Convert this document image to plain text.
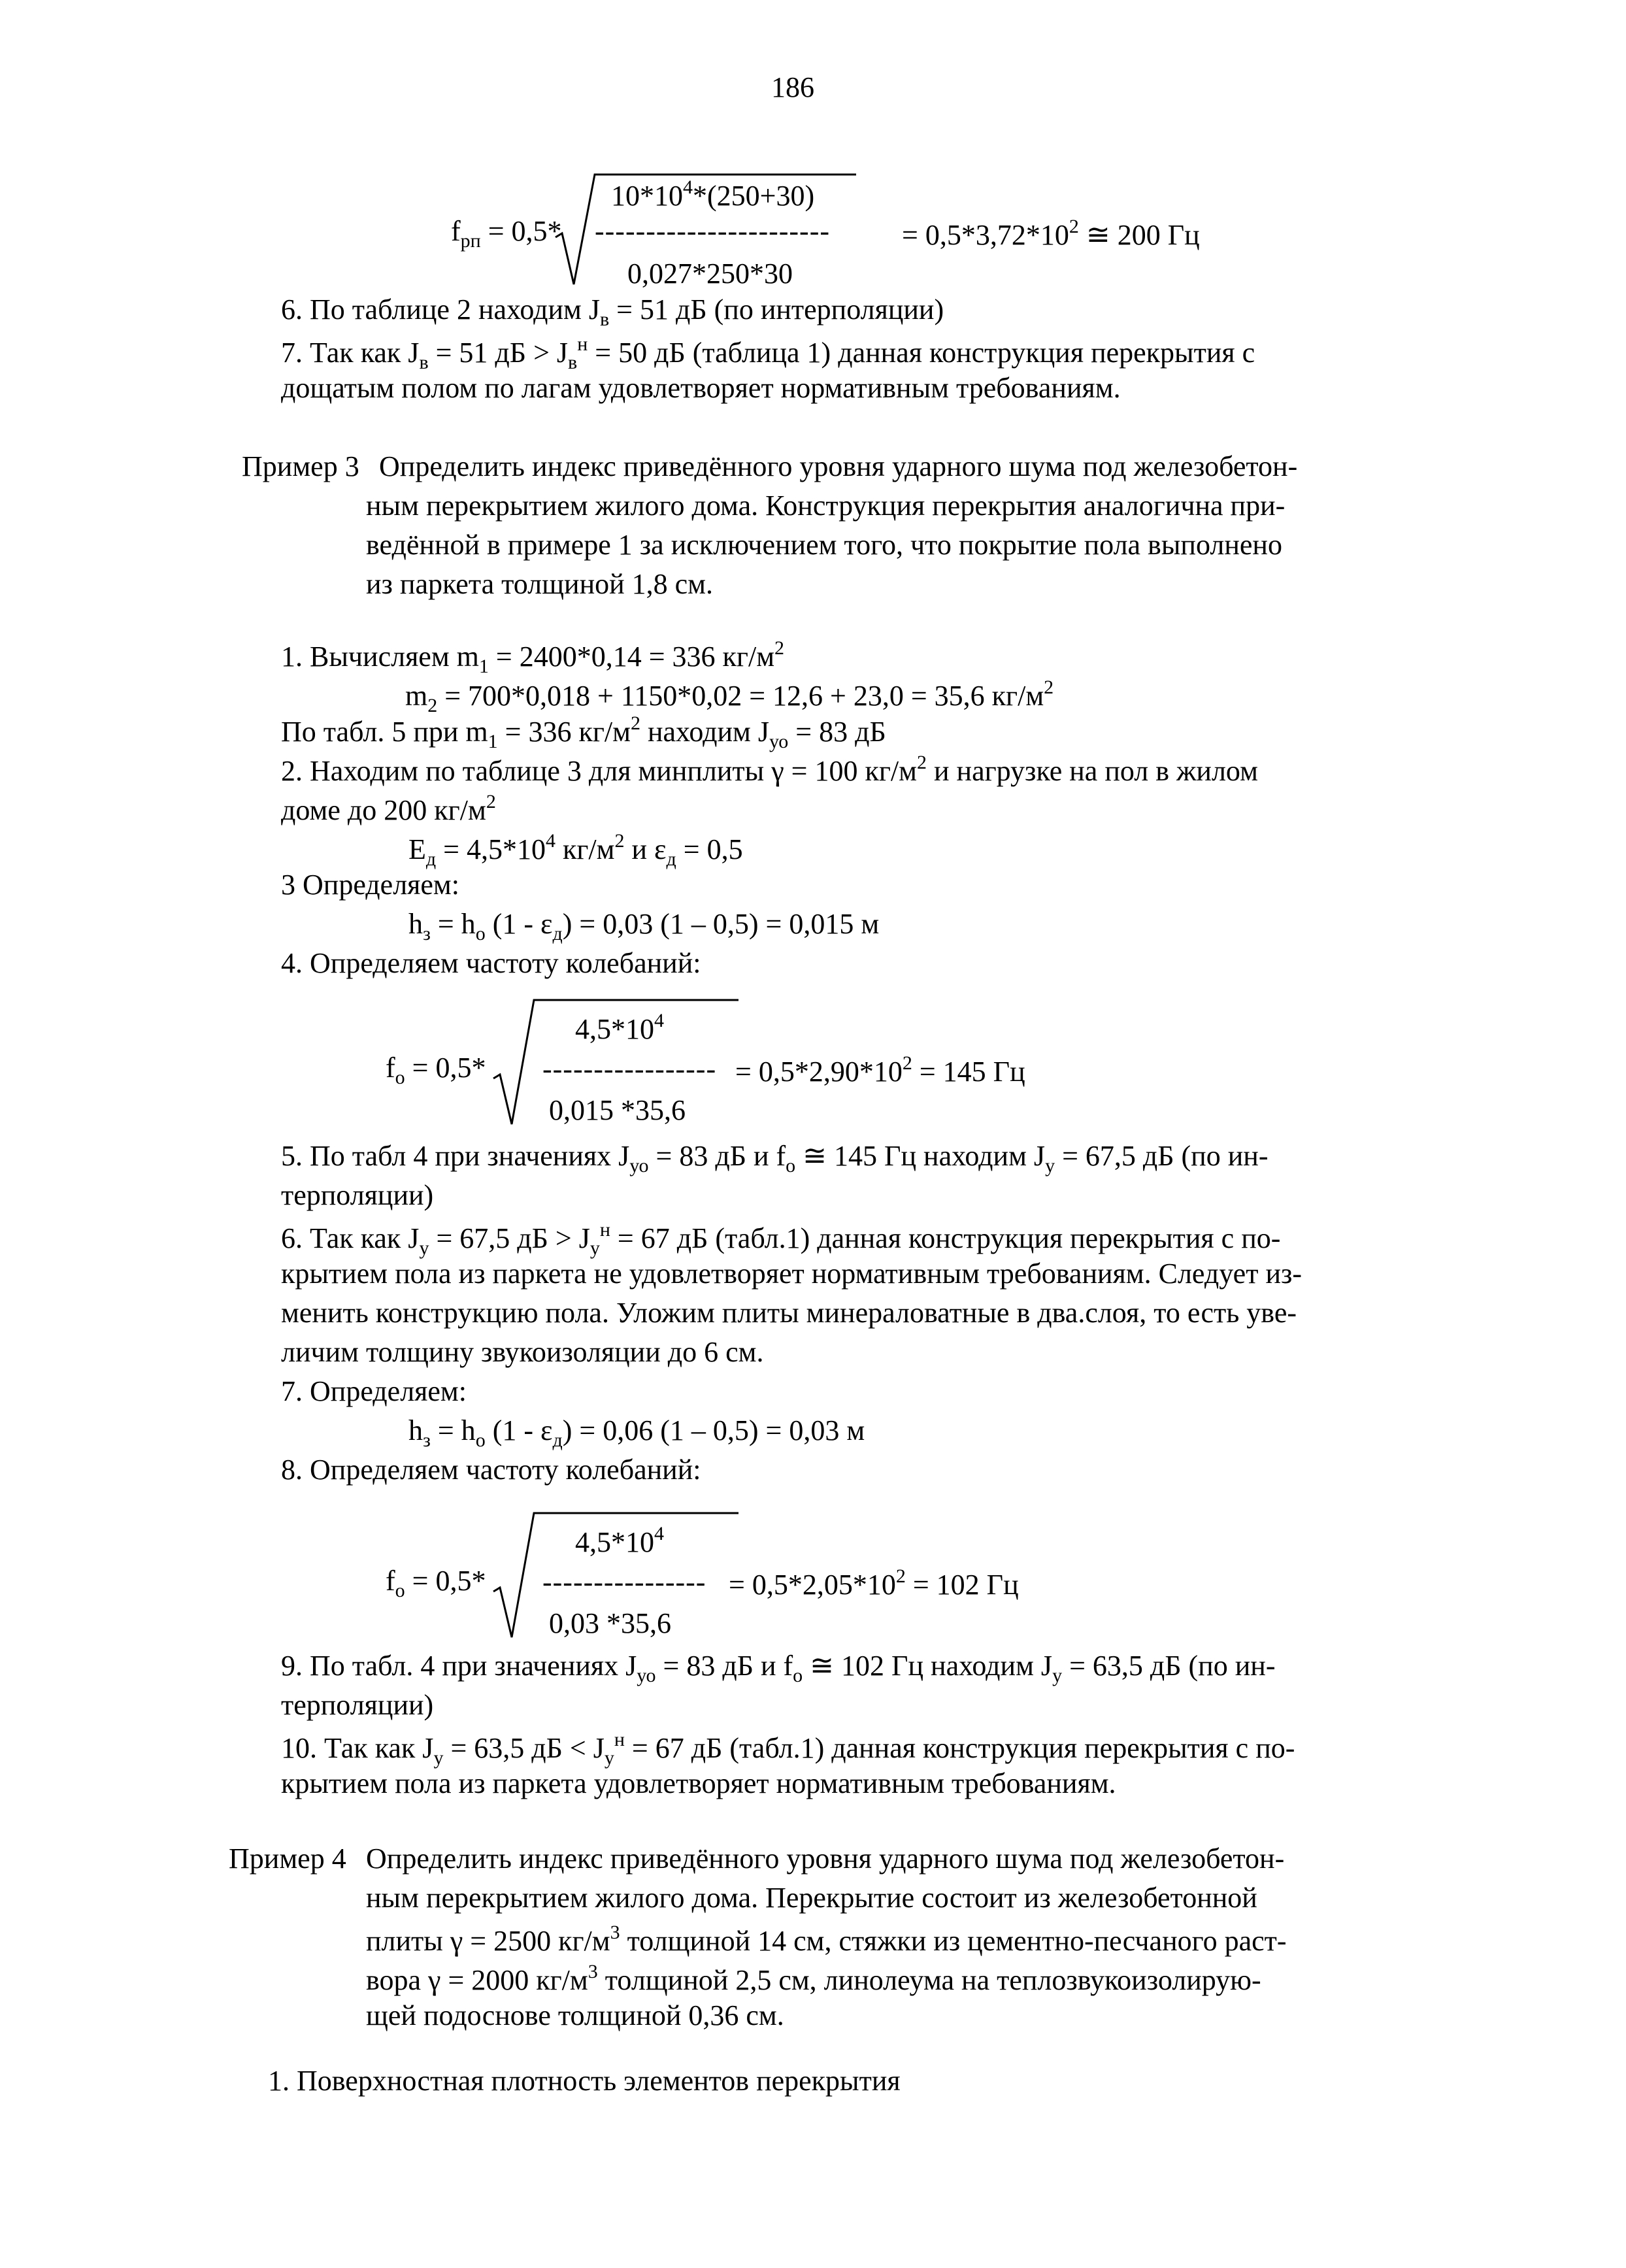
186
$f_{рп} = 0,5*$
$10*10^4*(250+30)$
-----------------------
0,027*250*30
= $0,5*3,72*10^2$ ≅ 200 Гц
6. По таблице 2 находим $J_в = 51$ дБ (по интерполяции)
7. Так как $J_в = 51$ дБ > $J_в^н = 50$ дБ (таблица 1) данная конструкция перекрытия с
дощатым полом по лагам удовлетворяет нормативным требованиям.
Пример 3 Определить индекс приведённого уровня ударного шума под железобетон-
ным перекрытием жилого дома. Конструкция перекрытия аналогична при-
ведённой в примере 1 за исключением того, что покрытие пола выполнено
из паркета толщиной 1,8 см.
1. Вычисляем $m_1 = 2400*0,14 = 336$ $кг/м^2$
$m_2 = 700*0,018 + 1150*0,02 = 12,6 + 23,0 = 35,6$ $кг/м^2$
По табл. 5 при $m_1 = 336$ $кг/м^2$ находим $J_{уо} = 83$ дБ
2. Находим по таблице 3 для минплиты γ = 100 $кг/м^2$ и нагрузке на пол в жилом
доме до 200 $кг/м^2$
$Е_д = 4,5*10^4$ $кг/м^2$ и $\varepsilon_д = 0,5$
3 Определяем:
$h_з = h_o$ $(1 - \varepsilon_д) = 0,03$ (1 – 0,5) = 0,015 м
4. Определяем частоту колебаний:
$f_o = 0,5*$
$4,5*10^4$
-----------------
0,015 *35,6
= $0,5*2,90*10^2 = 145$ Гц
5. По табл 4 при значениях $J_{уо} = 83$ дБ и $f_o$ ≅ 145 Гц находим $J_у = 67,5$ дБ (по ин-
терполяции)
6. Так как $J_у = 67,5$ дБ > $J_у^н = 67$ дБ (табл.1) данная конструкция перекрытия с по-
крытием пола из паркета не удовлетворяет нормативным требованиям. Следует из-
менить конструкцию пола. Уложим плиты минераловатные в два.слоя, то есть уве-
личим толщину звукоизоляции до 6 см.
7. Определяем:
$h_з = h_o$ $(1 - \varepsilon_д) = 0,06$ (1 – 0,5) = 0,03 м
8. Определяем частоту колебаний:
$f_o = 0,5*$
$4,5*10^4$
----------------
0,03 *35,6
= $0,5*2,05*10^2 = 102$ Гц
9. По табл. 4 при значениях $J_{уо} = 83$ дБ и $f_o$ ≅ 102 Гц находим $J_у = 63,5$ дБ (по ин-
терполяции)
10. Так как $J_у = 63,5$ дБ < $J_у^н = 67$ дБ (табл.1) данная конструкция перекрытия с по-
крытием пола из паркета удовлетворяет нормативным требованиям.
Пример 4 Определить индекс приведённого уровня ударного шума под железобетон-
ным перекрытием жилого дома. Перекрытие состоит из железобетонной
плиты γ = 2500 $кг/м^3$ толщиной 14 см, стяжки из цементно-песчаного раст-
вора γ = 2000 $кг/м^3$ толщиной 2,5 см, линолеума на теплозвукоизолирую-
щей подоснове толщиной 0,36 см.
1. Поверхностная плотность элементов перекрытия
